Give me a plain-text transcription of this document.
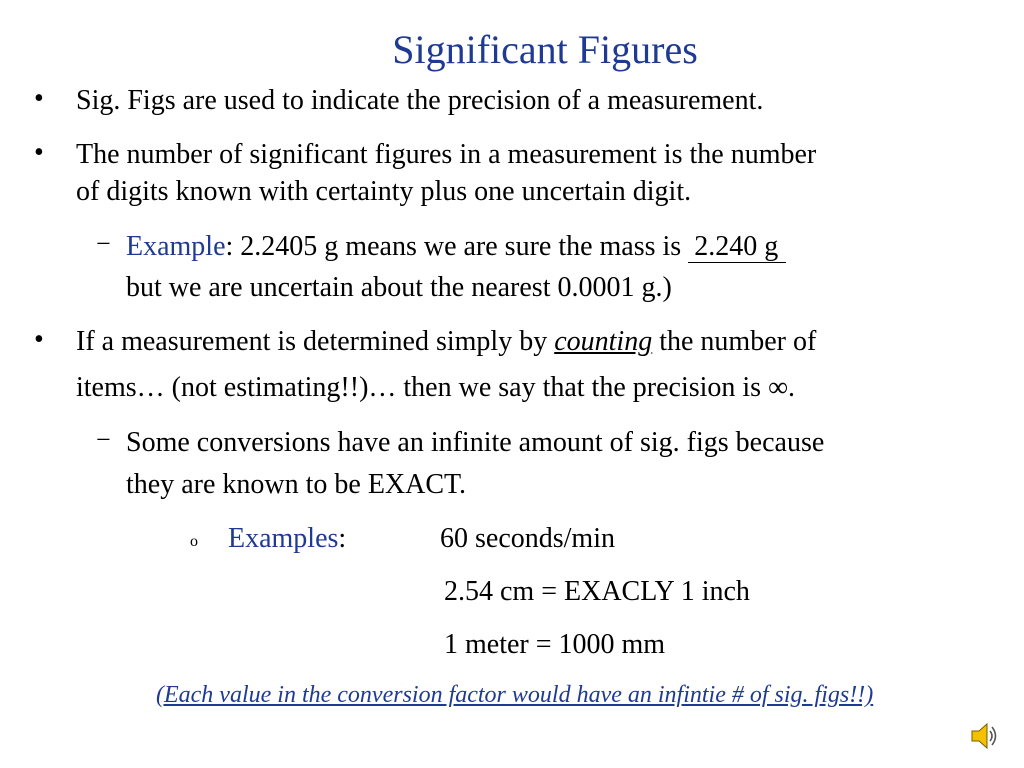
Significant Figures
• Sig. Figs are used to indicate the precision of a measurement.
• The number of significant figures in a measurement is the number
of digits known with certainty plus one uncertain digit.
− Example: 2.2405 g means we are sure the mass is 2.240 g
but we are uncertain about the nearest 0.0001 g.)
• If a measurement is determined simply by counting the number of
items… (not estimating!!)… then we say that the precision is ∞.
− Some conversions have an infinite amount of sig. figs because
they are known to be EXACT.
o Examples:	60 seconds/min
2.54 cm = EXACLY 1 inch
1 meter = 1000 mm
(Each value in the conversion factor would have an infintie # of sig. figs!!)
